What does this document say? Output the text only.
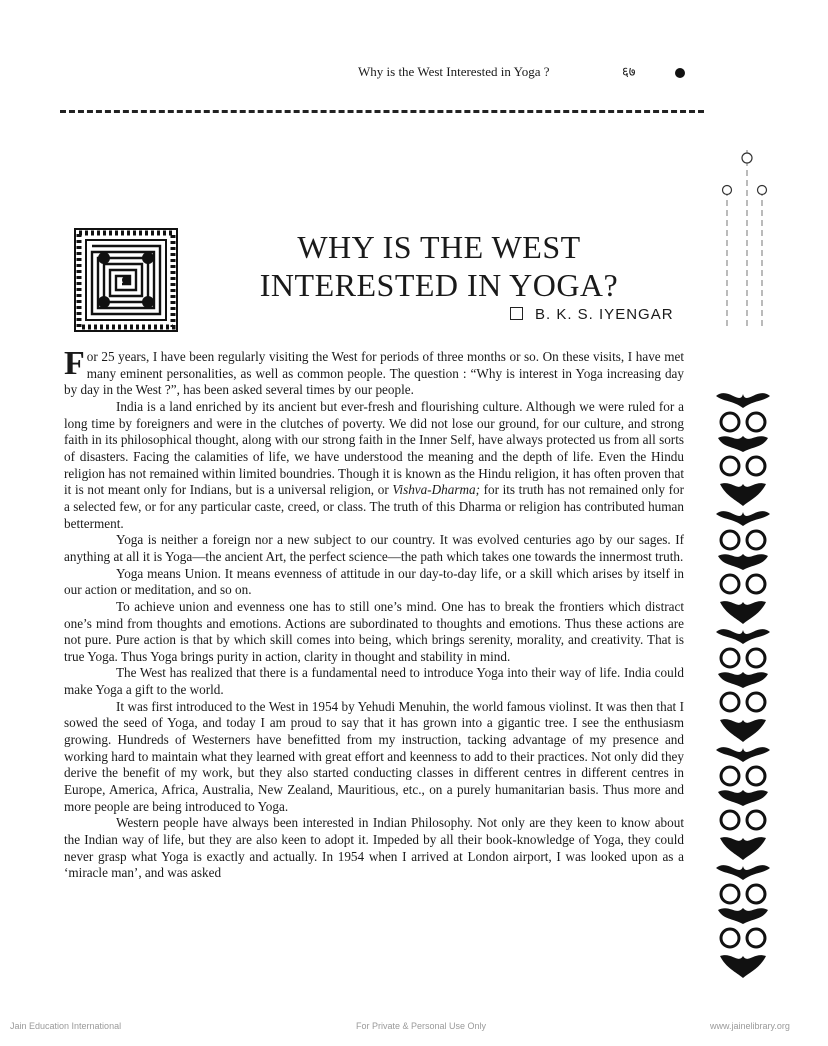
Why is the West Interested in Yoga ?	६७
WHY IS THE WEST
INTERESTED IN YOGA?
B. K. S. IYENGAR

For 25 years, I have been regularly visiting the West for periods of three months or so. On these visits, I have met many eminent personalities, as well as common people. The question : “Why is interest in Yoga increasing day by day in the West ?”, has been asked several times by our people.

India is a land enriched by its ancient but ever-fresh and flourishing culture. Although we were ruled for a long time by foreigners and were in the clutches of poverty. We did not lose our ground, for our culture, and strong faith in its philosophical thought, along with our strong faith in the Inner Self, have always protected us from all sorts of disasters. Facing the calamities of life, we have understood the meaning and the depth of life. Even the Hindu religion has not remained within limited boundries. Though it is known as the Hindu religion, it has often proven that it is not meant only for Indians, but is a universal religion, or Vishva-Dharma; for its truth has not remained only for a selected few, or for any particular caste, creed, or class. The truth of this Dharma or religion has contributed human betterment.

Yoga is neither a foreign nor a new subject to our country. It was evolved centuries ago by our sages. If anything at all it is Yoga—the ancient Art, the perfect science—the path which takes one towards the innermost truth.

Yoga means Union. It means evenness of attitude in our day-to-day life, or a skill which arises by itself in our action or meditation, and so on.

To achieve union and evenness one has to still one’s mind. One has to break the frontiers which distract one’s mind from thoughts and emotions. Actions are subordinated to thoughts and emotions. Thus these actions are not pure. Pure action is that by which skill comes into being, which brings serenity, morality, and creativity. That is true Yoga. Thus Yoga brings purity in action, clarity in thought and stability in mind.

The West has realized that there is a fundamental need to introduce Yoga into their way of life. India could make Yoga a gift to the world.

It was first introduced to the West in 1954 by Yehudi Menuhin, the world famous violinst. It was then that I sowed the seed of Yoga, and today I am proud to say that it has grown into a gigantic tree. I see the enthusiasm growing. Hundreds of Westerners have benefitted from my instruction, tacking advantage of my presence and working hard to maintain what they learned with great effort and keenness to add to their practices. Not only did they derive the benefit of my work, but they also started conducting classes in different centres in different centres in Europe, America, Africa, Australia, New Zealand, Mauritious, etc., on a purely humanitarian basis. Thus more and more people are being introduced to Yoga.

Western people have always been interested in Indian Philosophy. Not only are they keen to know about the Indian way of life, but they are also keen to adopt it. Impeded by all their book-knowledge of Yoga, they could never grasp what Yoga is exactly and actually. In 1954 when I arrived at London airport, I was looked upon as a ‘miracle man’, and was asked

Jain Education International	For Private & Personal Use Only	www.jainelibrary.org
